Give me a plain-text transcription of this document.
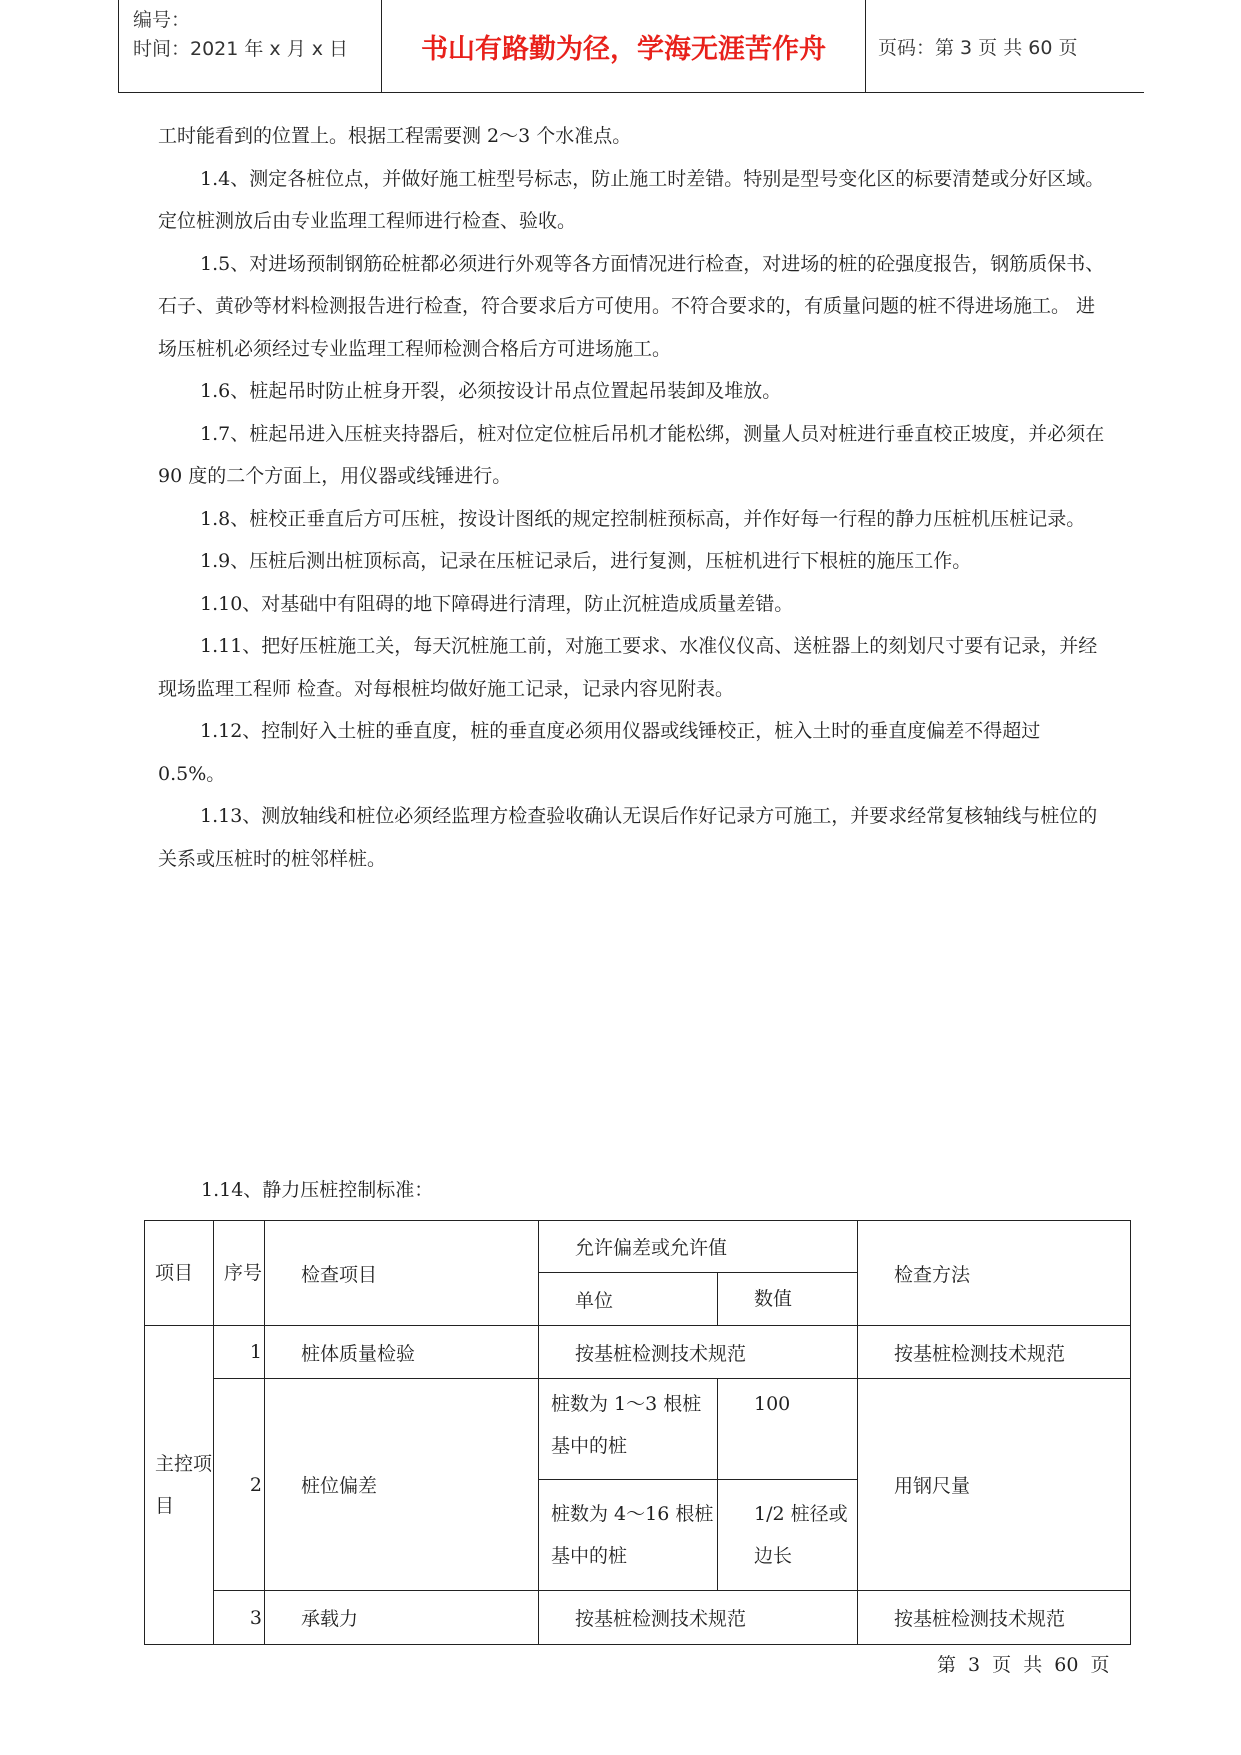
编号：
时间：2021 年 x 月 x 日	书山有路勤为径，学海无涯苦作舟	页码：第 3 页 共 60 页

工时能看到的位置上。根据工程需要测 2～3 个水准点。

1.4、测定各桩位点，并做好施工桩型号标志，防止施工时差错。特别是型号变化区的标要清楚或分好区域。定位桩测放后由专业监理工程师进行检查、验收。

1.5、对进场预制钢筋砼桩都必须进行外观等各方面情况进行检查，对进场的桩的砼强度报告，钢筋质保书、石子、黄砂等材料检测报告进行检查，符合要求后方可使用。不符合要求的，有质量问题的桩不得进场施工。 进场压桩机必须经过专业监理工程师检测合格后方可进场施工。

1.6、桩起吊时防止桩身开裂，必须按设计吊点位置起吊装卸及堆放。

1.7、桩起吊进入压桩夹持器后，桩对位定位桩后吊机才能松绑，测量人员对桩进行垂直校正坡度，并必须在 90 度的二个方面上，用仪器或线锤进行。

1.8、桩校正垂直后方可压桩，按设计图纸的规定控制桩预标高，并作好每一行程的静力压桩机压桩记录。

1.9、压桩后测出桩顶标高，记录在压桩记录后，进行复测，压桩机进行下根桩的施压工作。

1.10、对基础中有阻碍的地下障碍进行清理，防止沉桩造成质量差错。

1.11、把好压桩施工关，每天沉桩施工前，对施工要求、水准仪仪高、送桩器上的刻划尺寸要有记录，并经现场监理工程师 检查。对每根桩均做好施工记录，记录内容见附表。

1.12、控制好入土桩的垂直度，桩的垂直度必须用仪器或线锤校正，桩入土时的垂直度偏差不得超过 0.5%。

1.13、测放轴线和桩位必须经监理方检查验收确认无误后作好记录方可施工，并要求经常复核轴线与桩位的关系或压桩时的桩邻样桩。

1.14、静力压桩控制标准：
项目	序号	检查项目	允许偏差或允许值		检查方法
			单位	数值	
主控项目	1	桩体质量检验	按基桩检测技术规范		按基桩检测技术规范
	2	桩位偏差	桩数为 1～3 根桩基中的桩	100	用钢尺量
			桩数为 4～16 根桩基中的桩	1/2 桩径或边长	
	3	承载力	按基桩检测技术规范		按基桩检测技术规范
第 3 页 共 60 页
